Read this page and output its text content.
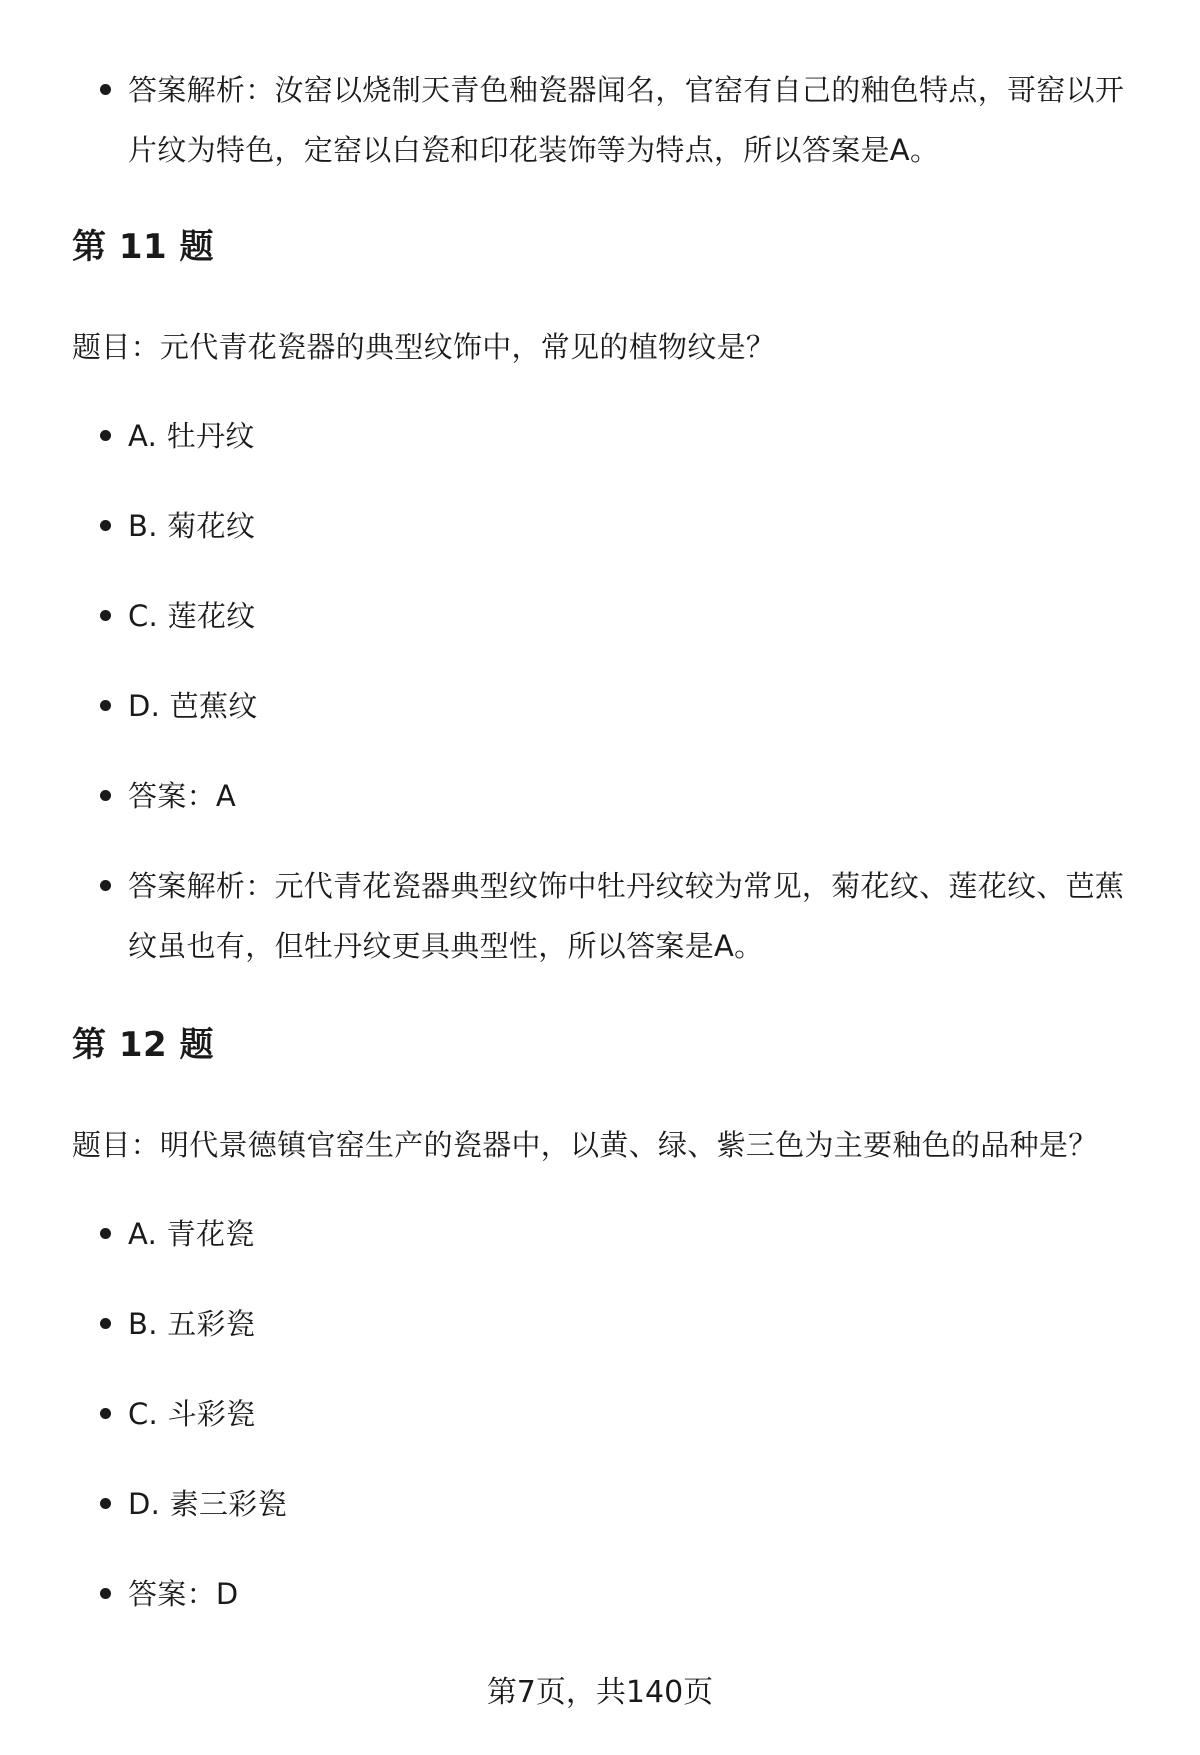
答案解析：汝窑以烧制天青色釉瓷器闻名，官窑有自己的釉色特点，哥窑以开片纹为特色，定窑以白瓷和印花装饰等为特点，所以答案是A。

第 11 题

题目：元代青花瓷器的典型纹饰中，常见的植物纹是？

A. 牡丹纹

B. 菊花纹

C. 莲花纹

D. 芭蕉纹

答案：A

答案解析：元代青花瓷器典型纹饰中牡丹纹较为常见，菊花纹、莲花纹、芭蕉纹虽也有，但牡丹纹更具典型性，所以答案是A。

第 12 题

题目：明代景德镇官窑生产的瓷器中，以黄、绿、紫三色为主要釉色的品种是？

A. 青花瓷

B. 五彩瓷

C. 斗彩瓷

D. 素三彩瓷

答案：D

第7页，共140页
